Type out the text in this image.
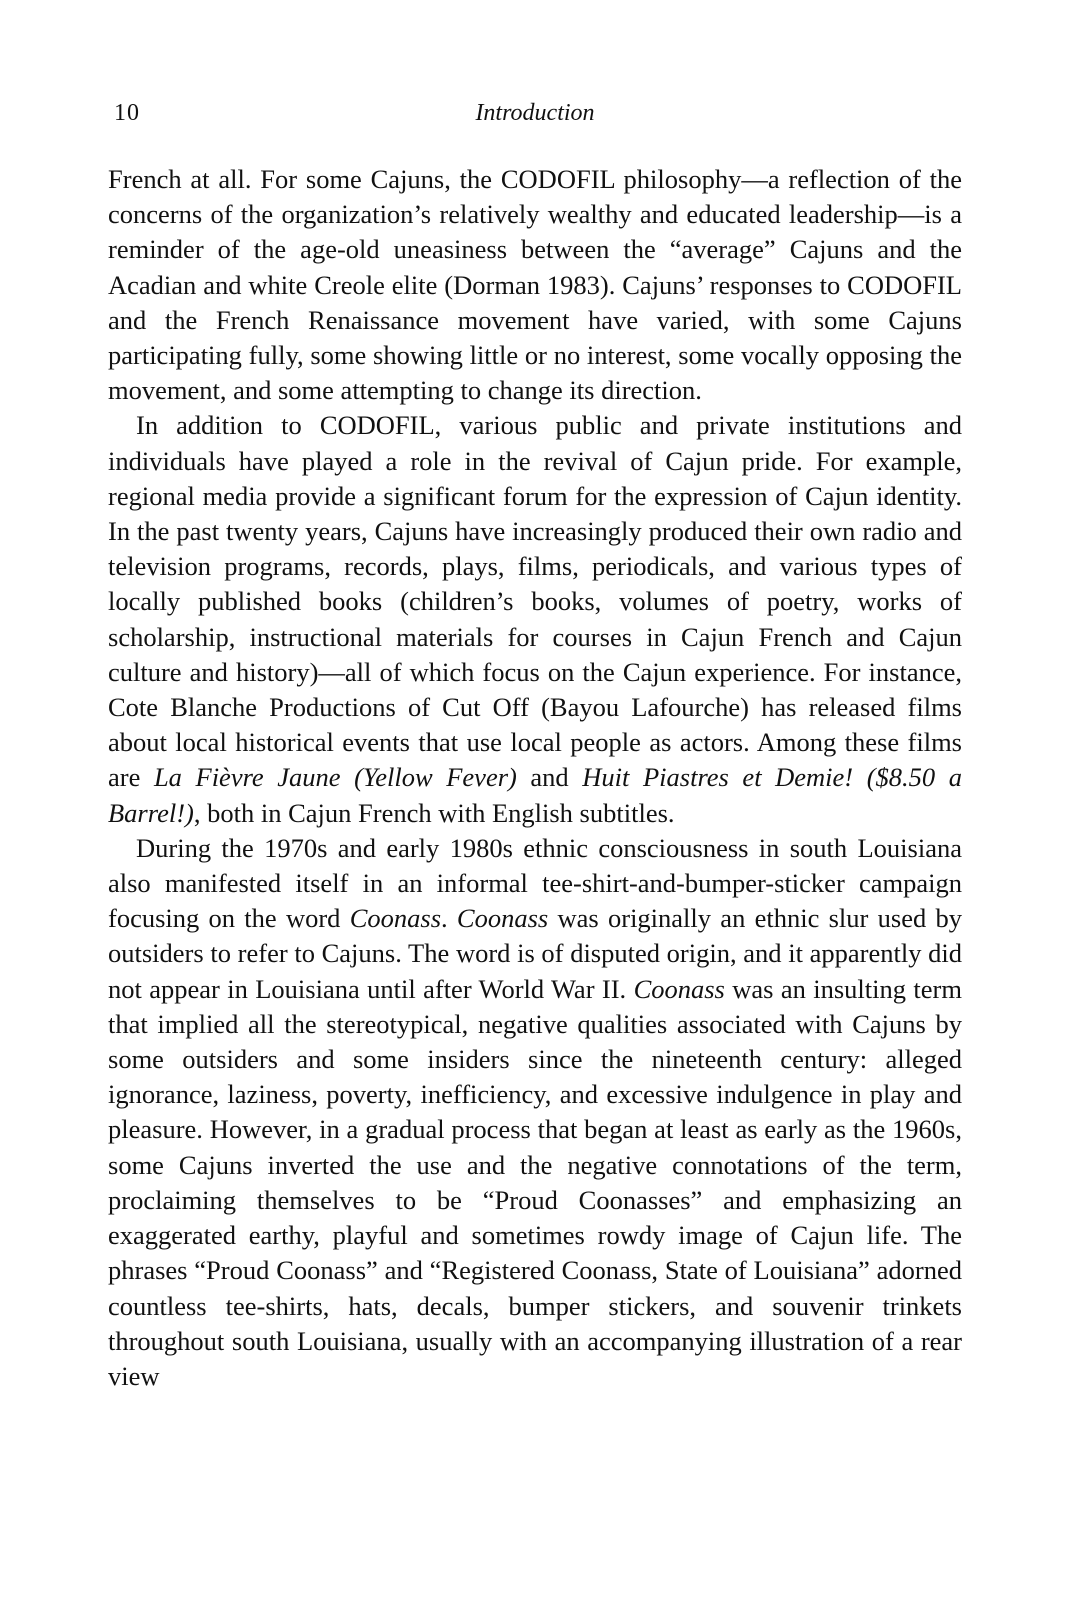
10	Introduction

French at all. For some Cajuns, the CODOFIL philosophy—a reflection of the concerns of the organization’s relatively wealthy and educated leadership—is a reminder of the age-old uneasiness between the “average” Cajuns and the Acadian and white Creole elite (Dorman 1983). Cajuns’ responses to CODOFIL and the French Renaissance movement have varied, with some Cajuns participating fully, some showing little or no interest, some vocally opposing the movement, and some attempting to change its direction.

In addition to CODOFIL, various public and private institutions and individuals have played a role in the revival of Cajun pride. For example, regional media provide a significant forum for the expression of Cajun identity. In the past twenty years, Cajuns have increasingly produced their own radio and television programs, records, plays, films, periodicals, and various types of locally published books (children’s books, volumes of poetry, works of scholarship, instructional materials for courses in Cajun French and Cajun culture and history)—all of which focus on the Cajun experience. For instance, Cote Blanche Productions of Cut Off (Bayou Lafourche) has released films about local historical events that use local people as actors. Among these films are La Fièvre Jaune (Yellow Fever) and Huit Piastres et Demie! ($8.50 a Barrel!), both in Cajun French with English subtitles.

During the 1970s and early 1980s ethnic consciousness in south Louisiana also manifested itself in an informal tee-shirt-and-bumper-sticker campaign focusing on the word Coonass. Coonass was originally an ethnic slur used by outsiders to refer to Cajuns. The word is of disputed origin, and it apparently did not appear in Louisiana until after World War II. Coonass was an insulting term that implied all the stereotypical, negative qualities associated with Cajuns by some outsiders and some insiders since the nineteenth century: alleged ignorance, laziness, poverty, inefficiency, and excessive indulgence in play and pleasure. However, in a gradual process that began at least as early as the 1960s, some Cajuns inverted the use and the negative connotations of the term, proclaiming themselves to be “Proud Coonasses” and emphasizing an exaggerated earthy, playful and sometimes rowdy image of Cajun life. The phrases “Proud Coonass” and “Registered Coonass, State of Louisiana” adorned countless tee-shirts, hats, decals, bumper stickers, and souvenir trinkets throughout south Louisiana, usually with an accompanying illustration of a rear view
